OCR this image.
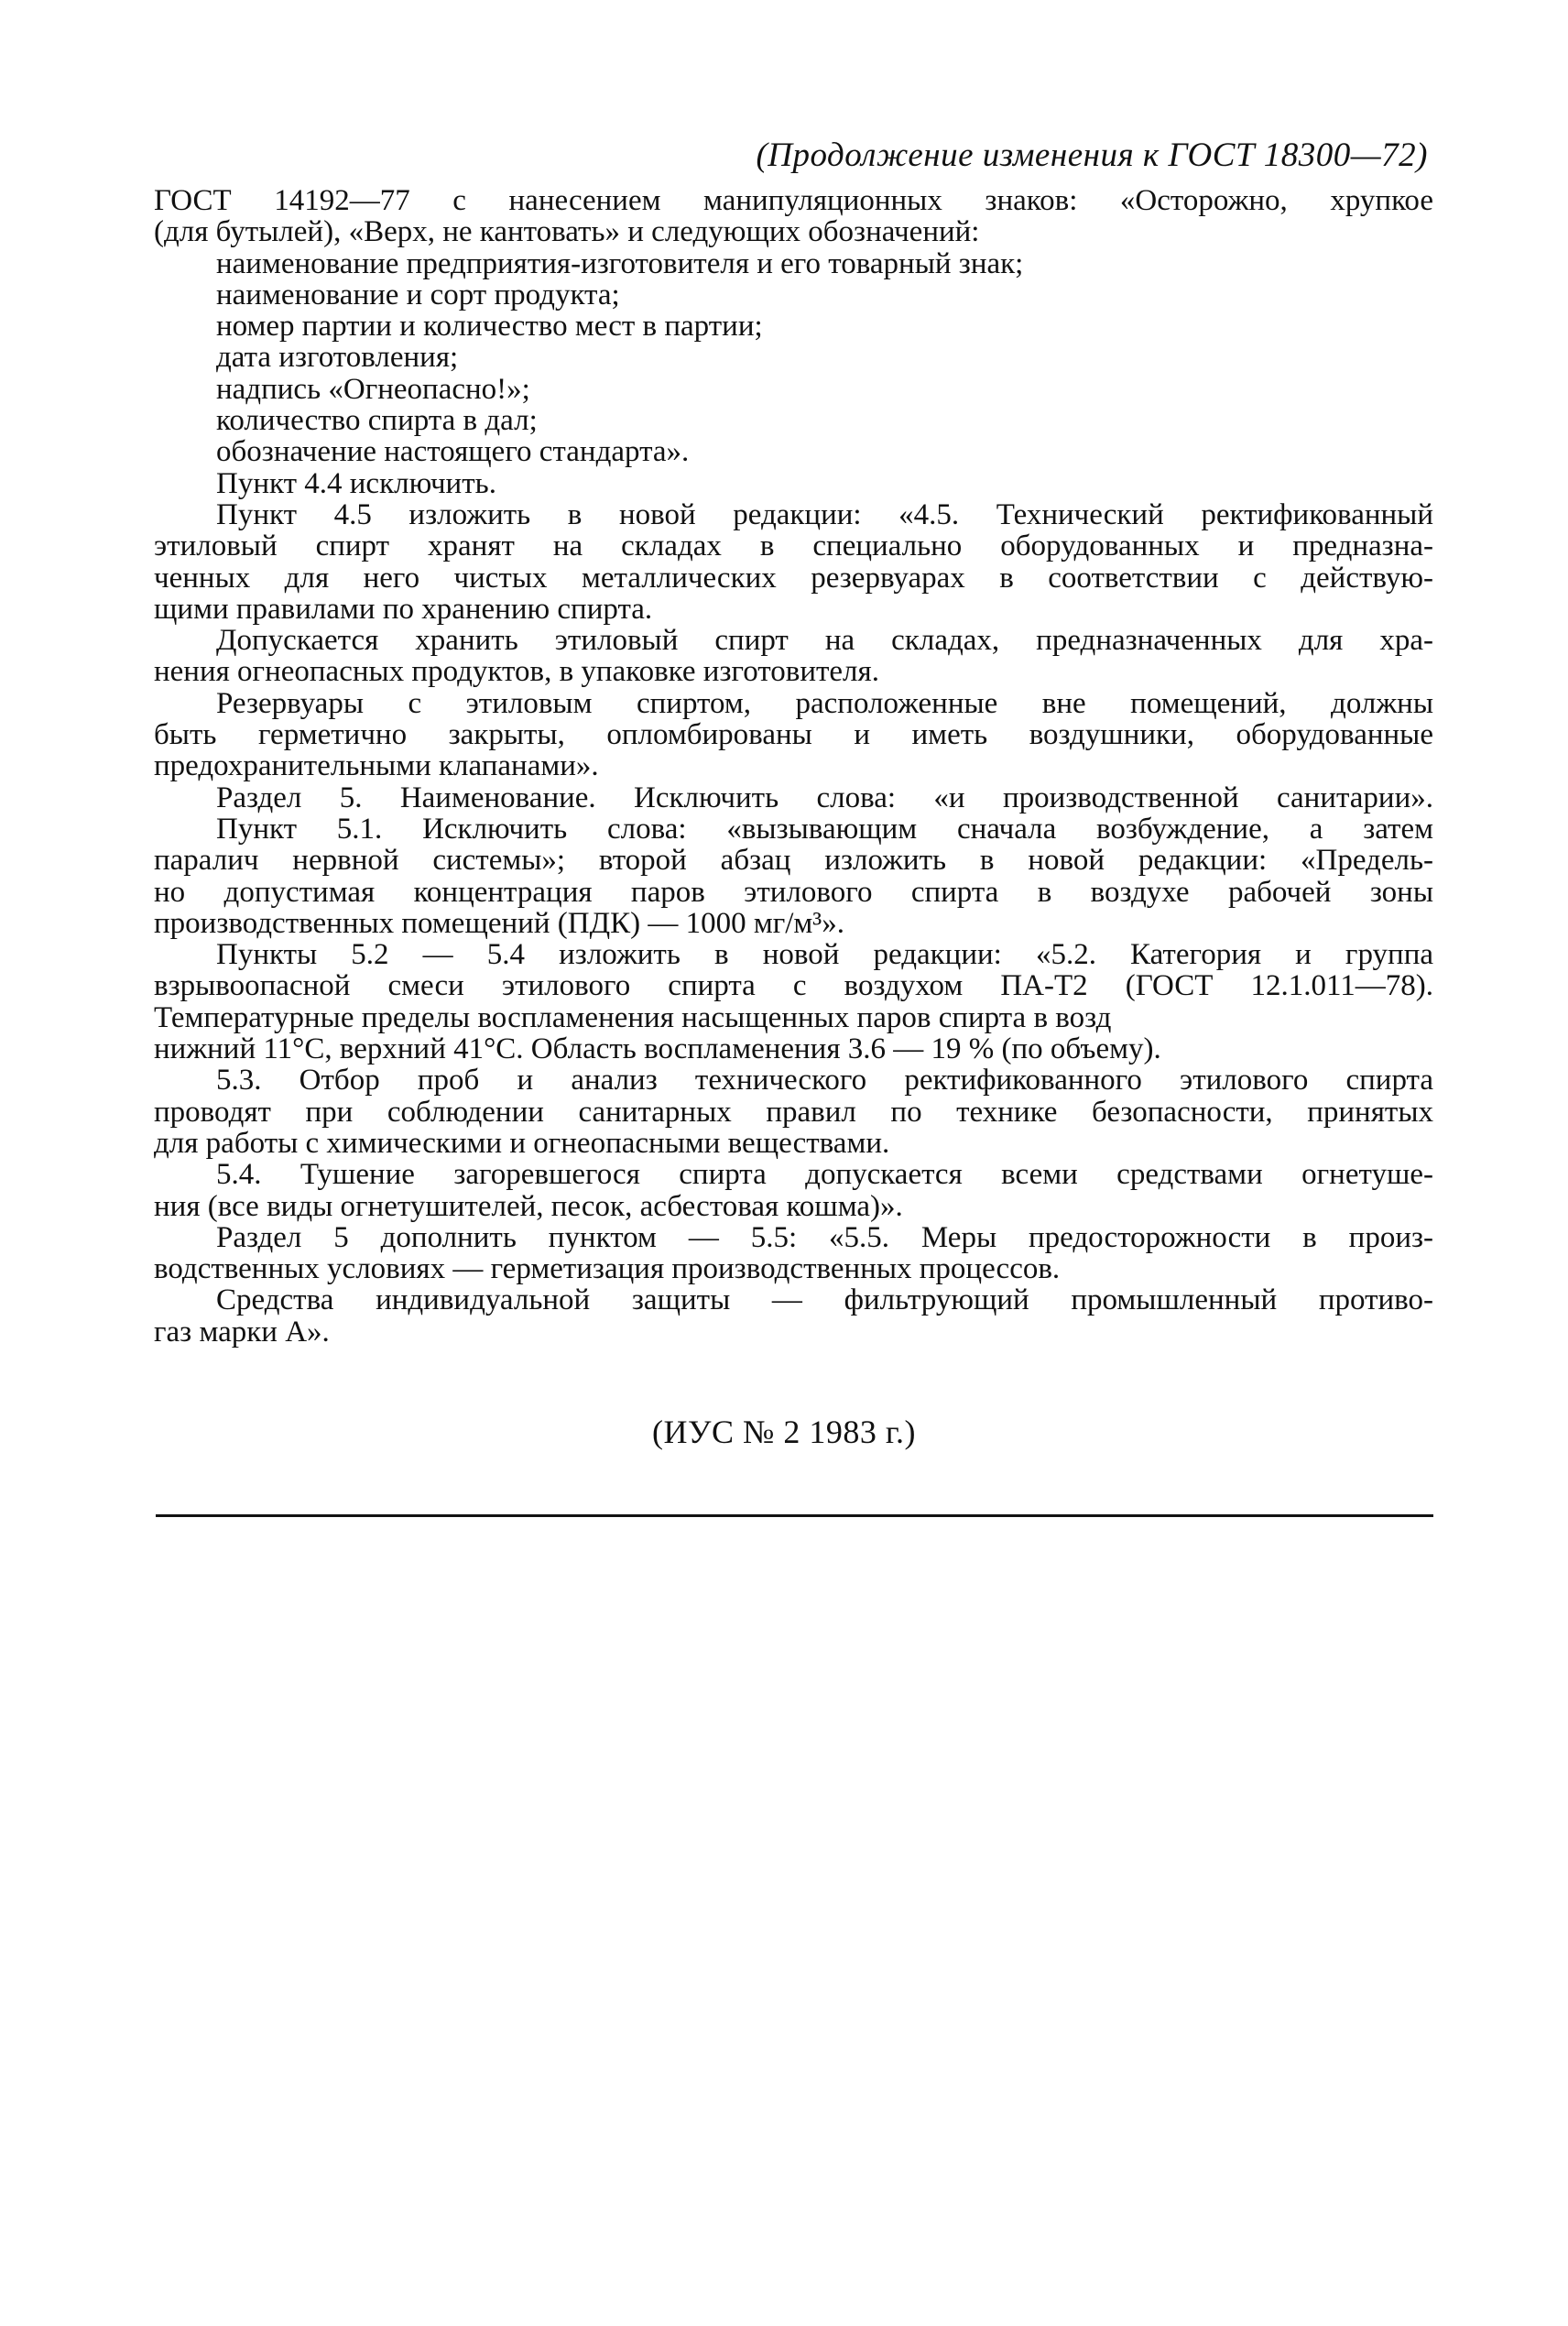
(Продолжение изменения к ГОСТ 18300—72)
ГОСТ 14192—77 с нанесением манипуляционных знаков: «Осторожно, хрупкое
(для бутылей), «Верх, не кантовать» и следующих обозначений:
наименование предприятия-изготовителя и его товарный знак;
наименование и сорт продукта;
номер партии и количество мест в партии;
дата изготовления;
надпись «Огнеопасно!»;
количество спирта в дал;
обозначение настоящего стандарта».
Пункт 4.4 исключить.
Пункт 4.5 изложить в новой редакции: «4.5. Технический ректификованный
этиловый спирт хранят на складах в специально оборудованных и предназна-
ченных для него чистых металлических резервуарах в соответствии с действую-
щими правилами по хранению спирта.
Допускается хранить этиловый спирт на складах, предназначенных для хра-
нения огнеопасных продуктов, в упаковке изготовителя.
Резервуары с этиловым спиртом, расположенные вне помещений, должны
быть герметично закрыты, опломбированы и иметь воздушники, оборудованные
предохранительными клапанами».
Раздел 5. Наименование. Исключить слова: «и производственной санитарии».
Пункт 5.1. Исключить слова: «вызывающим сначала возбуждение, а затем
паралич нервной системы»; второй абзац изложить в новой редакции: «Предель-
но допустимая концентрация паров этилового спирта в воздухе рабочей зоны
производственных помещений (ПДК) — 1000 мг/м³».
Пункты 5.2 — 5.4 изложить в новой редакции: «5.2. Категория и группа
взрывоопасной смеси этилового спирта с воздухом ПА-Т2 (ГОСТ 12.1.011—78).
Температурные пределы воспламенения насыщенных паров спирта в возд
нижний 11°С, верхний 41°С. Область воспламенения 3.6 — 19 % (по объему).
5.3. Отбор проб и анализ технического ректификованного этилового спирта
проводят при соблюдении санитарных правил по технике безопасности, принятых
для работы с химическими и огнеопасными веществами.
5.4. Тушение загоревшегося спирта допускается всеми средствами огнетуше-
ния (все виды огнетушителей, песок, асбестовая кошма)».
Раздел 5 дополнить пунктом — 5.5: «5.5. Меры предосторожности в произ-
водственных условиях — герметизация производственных процессов.
Средства индивидуальной защиты — фильтрующий промышленный противо-
газ марки А».
(ИУС № 2 1983 г.)
